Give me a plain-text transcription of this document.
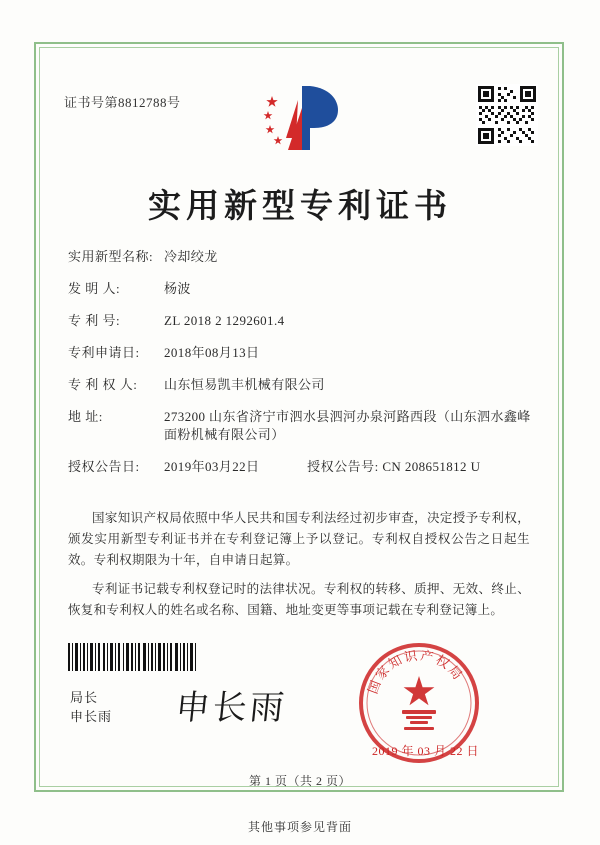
证书号第8812788号
实用新型专利证书
实用新型名称: 冷却绞龙
发 明 人:	杨波
专 利 号:	ZL 2018 2 1292601.4
专利申请日:	2018年08月13日
专 利 权 人:	山东恒易凯丰机械有限公司
地 址:	273200 山东省济宁市泗水县泗河办泉河路西段（山东泗水鑫峰面粉机械有限公司）
授权公告日:	2019年03月22日	授权公告号: CN 208651812 U

国家知识产权局依照中华人民共和国专利法经过初步审查，决定授予专利权，颁发实用新型专利证书并在专利登记簿上予以登记。专利权自授权公告之日起生效。专利权期限为十年，自申请日起算。

专利证书记载专利权登记时的法律状况。专利权的转移、质押、无效、终止、恢复和专利权人的姓名或名称、国籍、地址变更等事项记载在专利登记簿上。

局长
申长雨 申长雨
国家知识产权局
2019 年 03 月 22 日
第 1 页（共 2 页）
其他事项参见背面
